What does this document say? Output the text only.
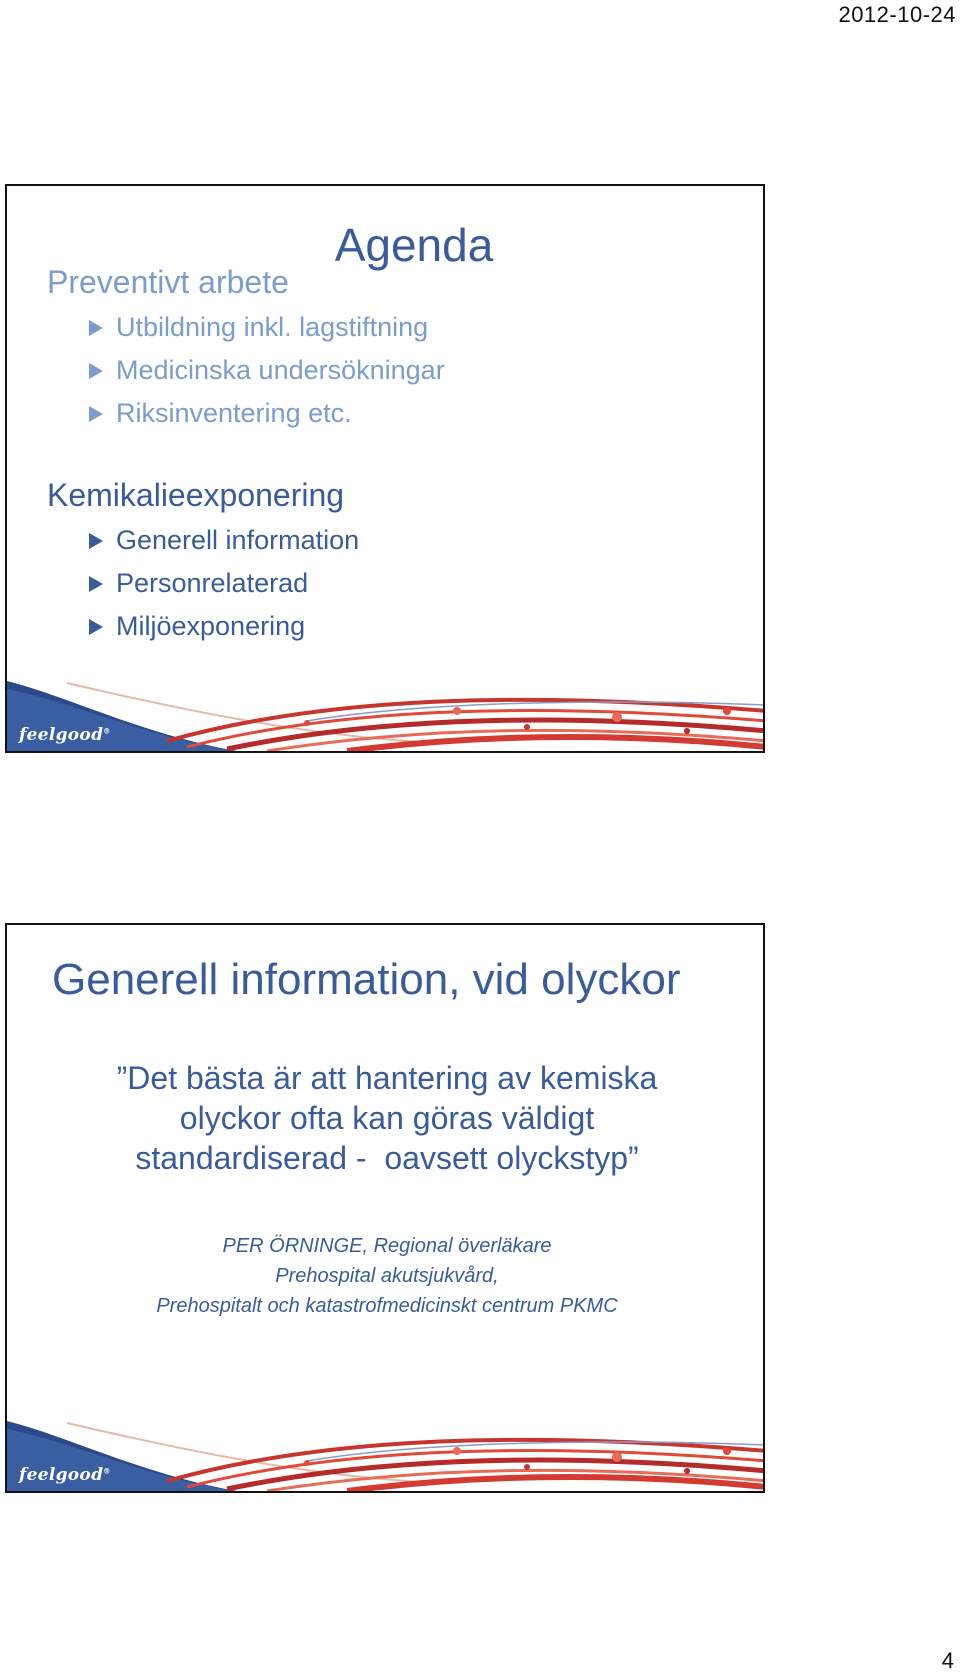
2012-10-24
Agenda
Preventivt arbete
Utbildning inkl. lagstiftning
Medicinska undersökningar
Riksinventering etc.
Kemikalieexponering
Generell information
Personrelaterad
Miljöexponering
feelgood®
Generell information, vid olyckor
”Det bästa är att hantering av kemiska
olyckor ofta kan göras väldigt
standardiserad -  oavsett olyckstyp”
PER ÖRNINGE, Regional överläkare
Prehospital akutsjukvård,
Prehospitalt och katastrofmedicinskt centrum PKMC
feelgood®
4
